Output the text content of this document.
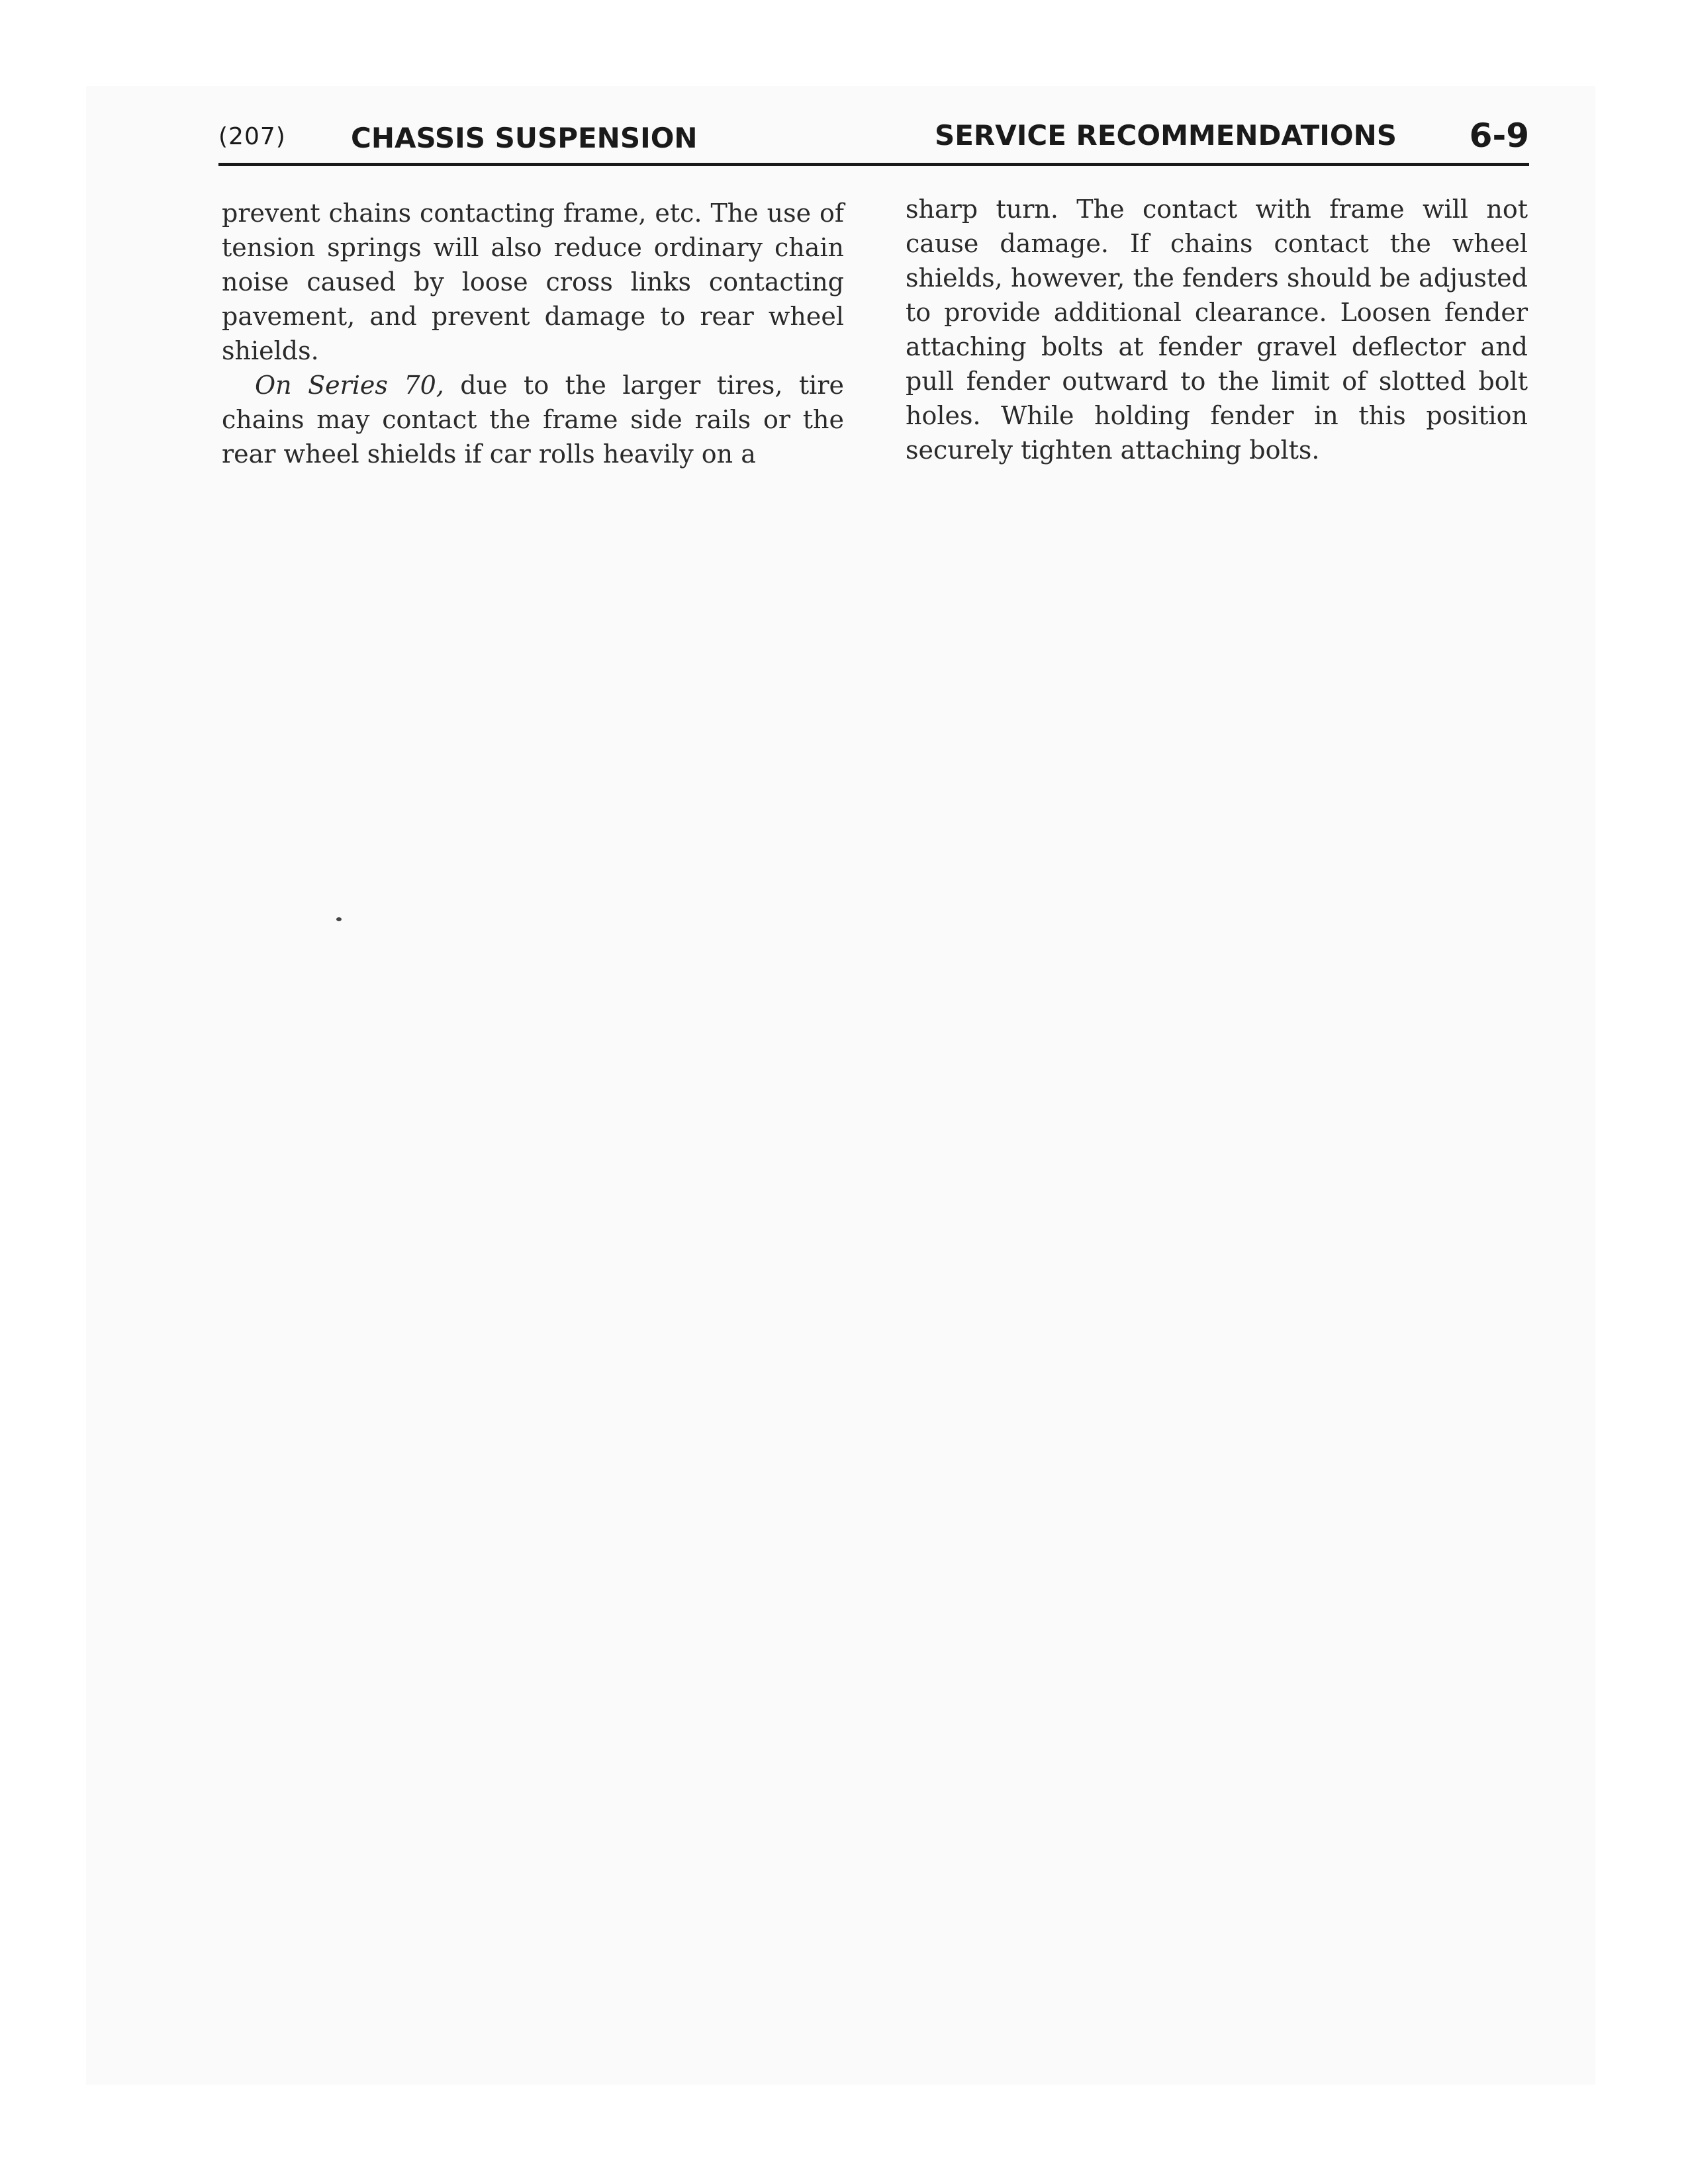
(207) CHASSIS SUSPENSION	SERVICE RECOMMENDATIONS 6-9

prevent chains contacting frame, etc. The use of tension springs will also reduce ordinary chain noise caused by loose cross links contacting pavement, and prevent damage to rear wheel shields.

On Series 70, due to the larger tires, tire chains may contact the frame side rails or the rear wheel shields if car rolls heavily on a

sharp turn. The contact with frame will not cause damage. If chains contact the wheel shields, however, the fenders should be adjusted to provide additional clearance. Loosen fender attaching bolts at fender gravel deflector and pull fender outward to the limit of slotted bolt holes. While holding fender in this position securely tighten attaching bolts.
